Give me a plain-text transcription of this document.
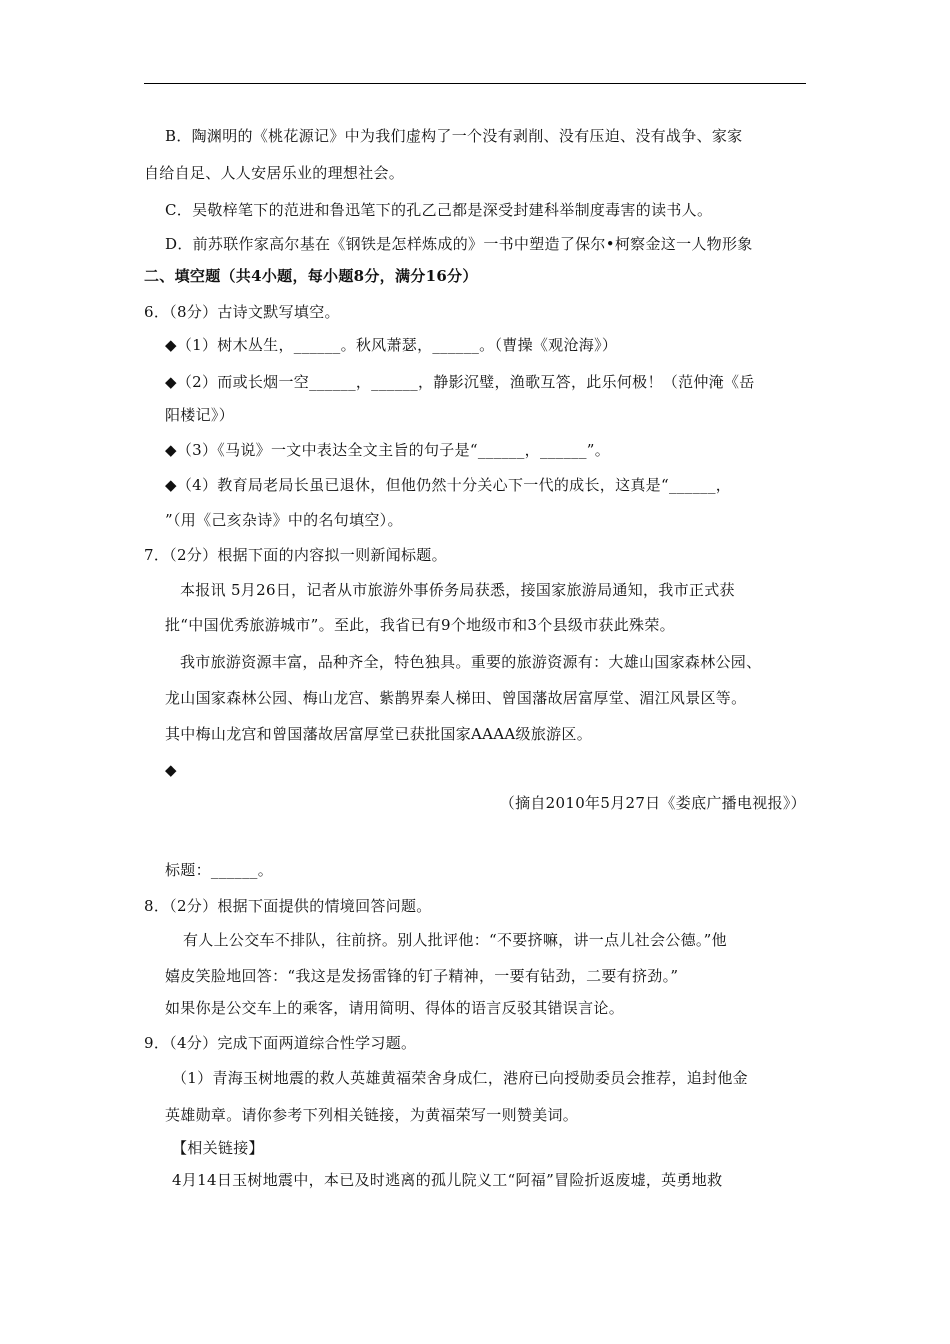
B．陶渊明的《桃花源记》中为我们虚构了一个没有剥削、没有压迫、没有战争、家家
自给自足、人人安居乐业的理想社会。
C．吴敬梓笔下的范进和鲁迅笔下的孔乙己都是深受封建科举制度毒害的读书人。
D．前苏联作家高尔基在《钢铁是怎样炼成的》一书中塑造了保尔•柯察金这一人物形象
二、填空题（共4小题，每小题8分，满分16分）
6．（8分）古诗文默写填空。
◆（1）树木丛生，______。秋风萧瑟，______。（曹操《观沧海》）
◆（2）而或长烟一空______，______，静影沉璧，渔歌互答，此乐何极！（范仲淹《岳
阳楼记》）
◆（3）《马说》一文中表达全文主旨的句子是“______，______”。
◆（4）教育局老局长虽已退休，但他仍然十分关心下一代的成长，这真是“______，
”（用《己亥杂诗》中的名句填空）。
7．（2分）根据下面的内容拟一则新闻标题。
本报讯 5月26日，记者从市旅游外事侨务局获悉，接国家旅游局通知，我市正式获
批“中国优秀旅游城市”。至此，我省已有9个地级市和3个县级市获此殊荣。
我市旅游资源丰富，品种齐全，特色独具。重要的旅游资源有：大雄山国家森林公园、
龙山国家森林公园、梅山龙宫、紫鹊界秦人梯田、曾国藩故居富厚堂、湄江风景区等。
其中梅山龙宫和曾国藩故居富厚堂已获批国家AAAA级旅游区。
◆
（摘自2010年5月27日《娄底广播电视报》）
标题：______。
8．（2分）根据下面提供的情境回答问题。
有人上公交车不排队，往前挤。别人批评他：“不要挤嘛，讲一点儿社会公德。”他
嬉皮笑脸地回答：“我这是发扬雷锋的钉子精神，一要有钻劲，二要有挤劲。”
如果你是公交车上的乘客，请用简明、得体的语言反驳其错误言论。
9．（4分）完成下面两道综合性学习题。
（1）青海玉树地震的救人英雄黄福荣舍身成仁，港府已向授勋委员会推荐，追封他金
英雄勋章。请你参考下列相关链接，为黄福荣写一则赞美词。
【相关链接】
4月14日玉树地震中，本已及时逃离的孤儿院义工“阿福”冒险折返废墟，英勇地救
